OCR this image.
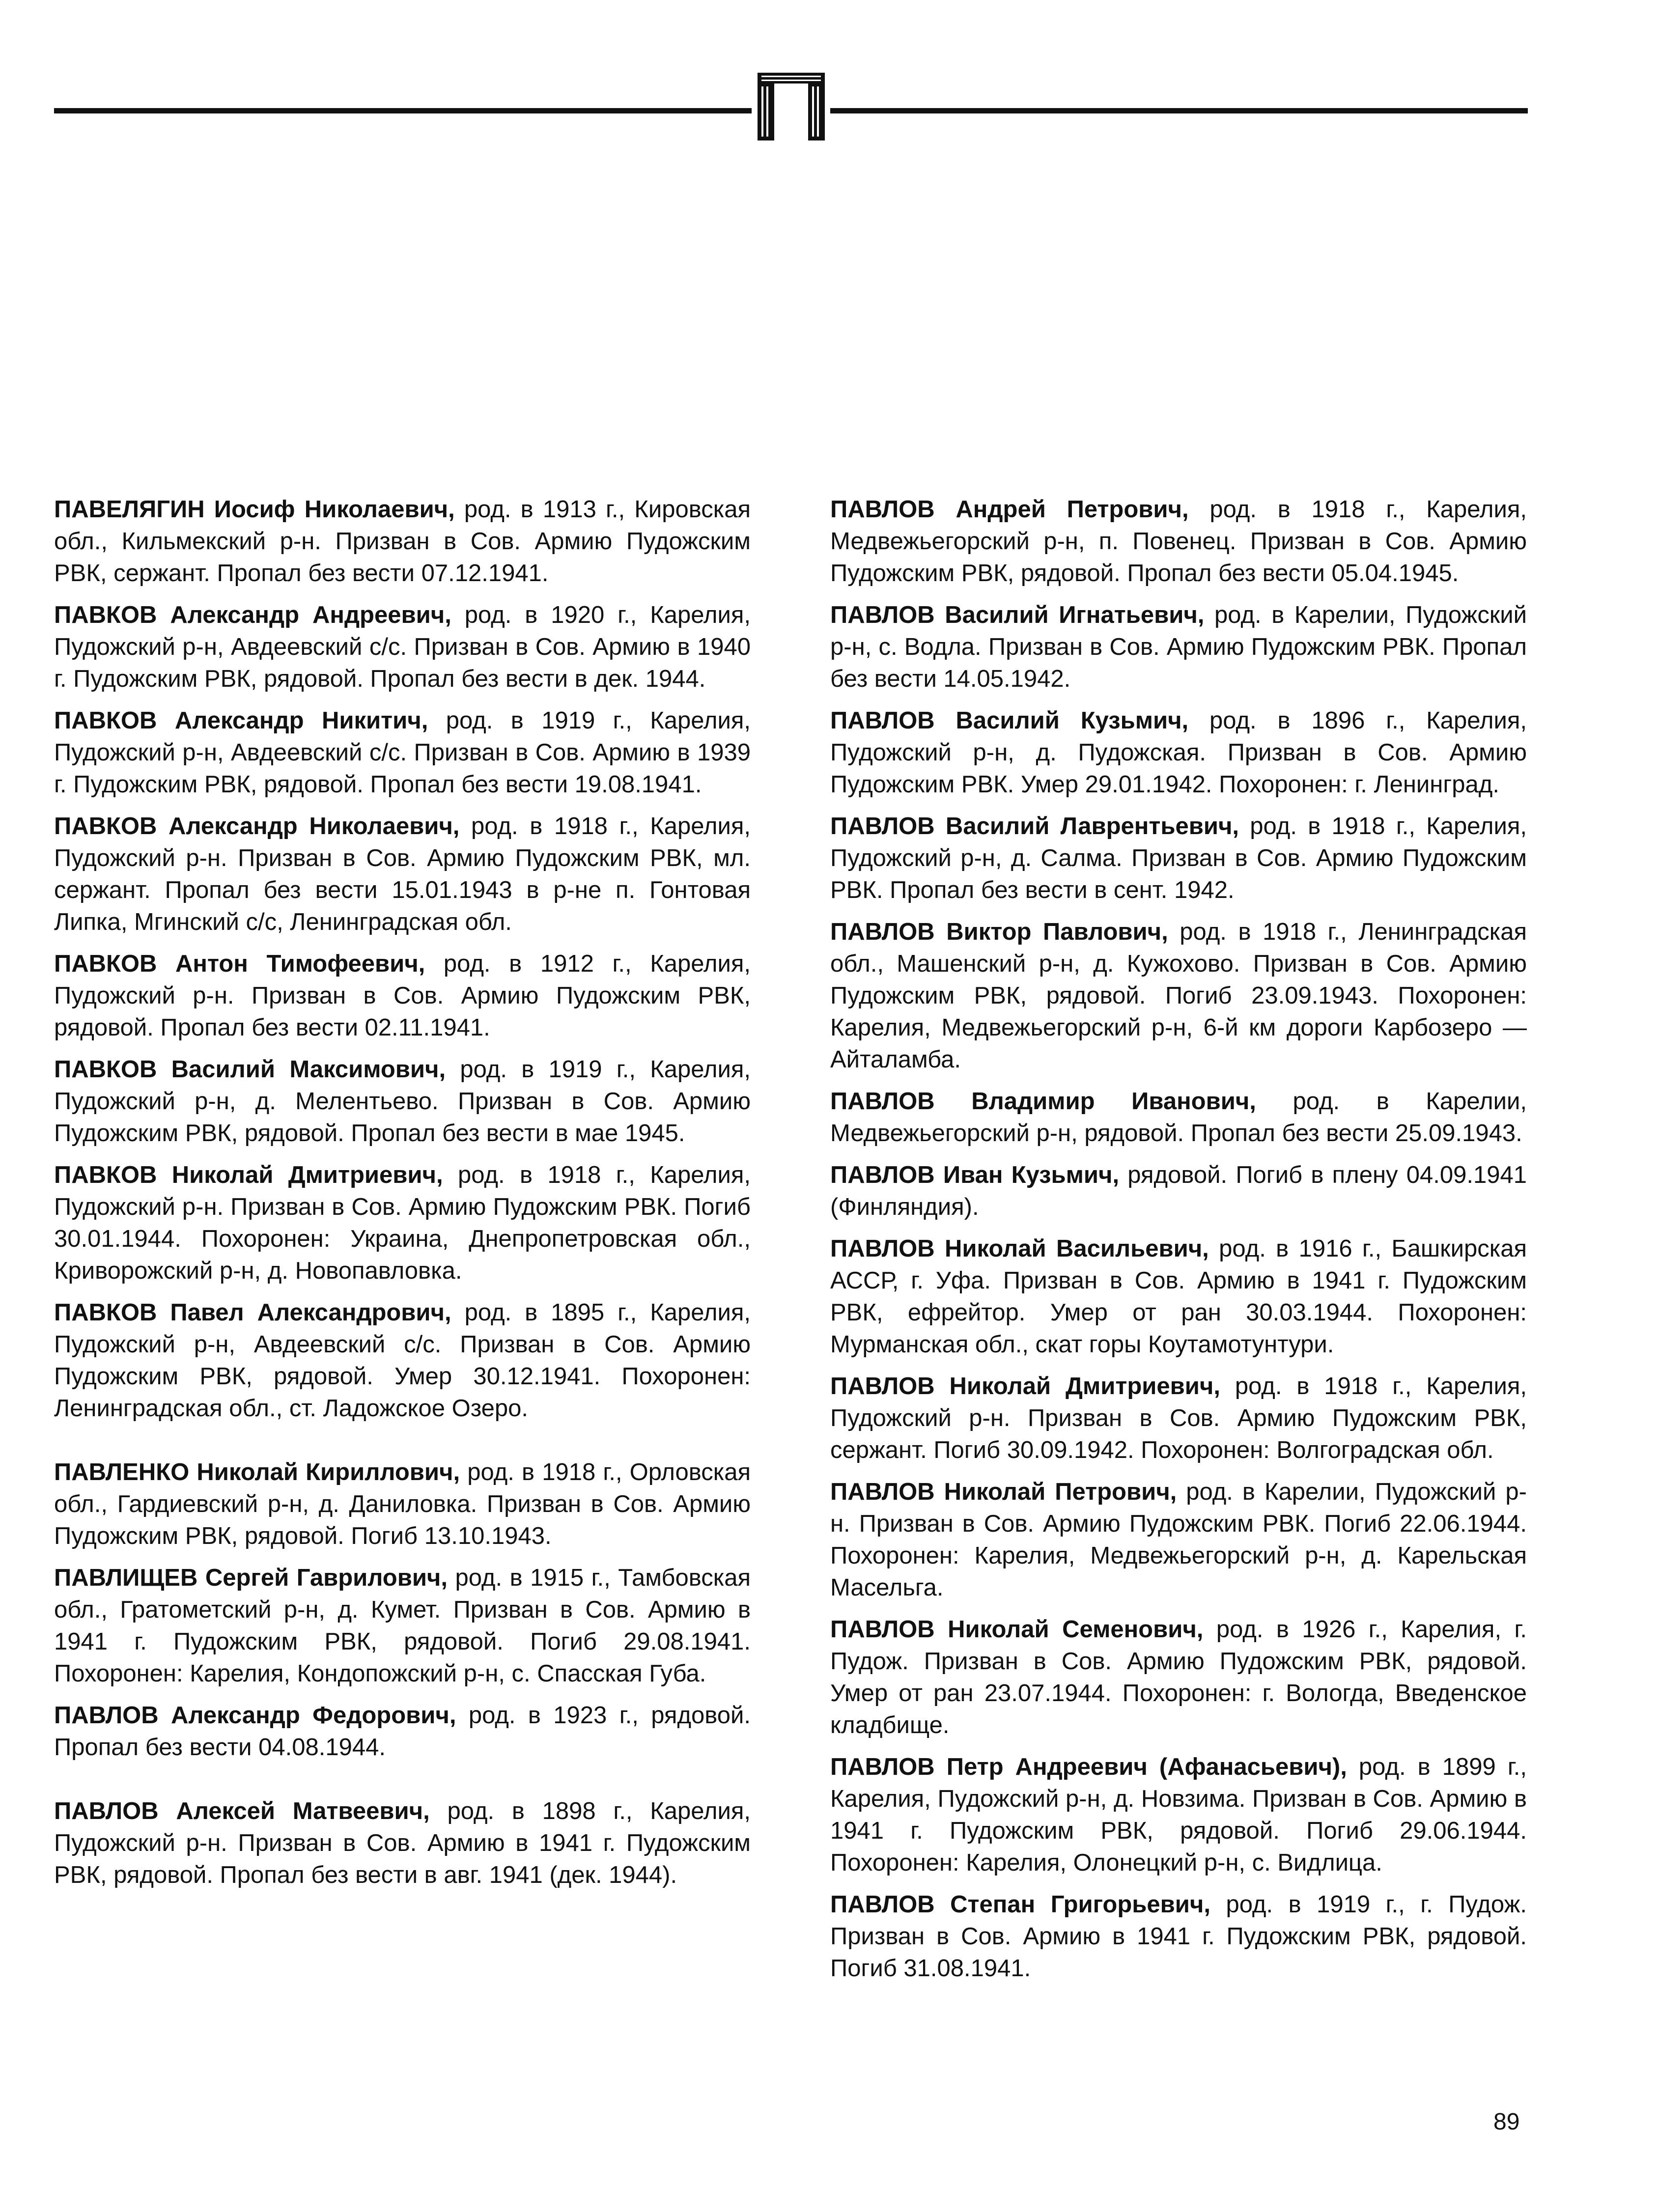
ПАВЕЛЯГИН Иосиф Николаевич, род. в 1913 г., Кировская обл., Кильмекский р-н. Призван в Сов. Армию Пудожским РВК, сержант. Пропал без вести 07.12.1941.

ПАВКОВ Александр Андреевич, род. в 1920 г., Карелия, Пудожский р-н, Авдеевский с/с. Призван в Сов. Армию в 1940 г. Пудожским РВК, рядовой. Пропал без вести в дек. 1944.

ПАВКОВ Александр Никитич, род. в 1919 г., Карелия, Пудожский р-н, Авдеевский с/с. Призван в Сов. Армию в 1939 г. Пудожским РВК, рядовой. Пропал без вести 19.08.1941.

ПАВКОВ Александр Николаевич, род. в 1918 г., Карелия, Пудожский р-н. Призван в Сов. Армию Пудожским РВК, мл. сержант. Пропал без вести 15.01.1943 в р-не п. Гонтовая Липка, Мгинский с/с, Ленинградская обл.

ПАВКОВ Антон Тимофеевич, род. в 1912 г., Карелия, Пудожский р-н. Призван в Сов. Армию Пудожским РВК, рядовой. Пропал без вести 02.11.1941.

ПАВКОВ Василий Максимович, род. в 1919 г., Карелия, Пудожский р-н, д. Мелентьево. Призван в Сов. Армию Пудожским РВК, рядовой. Пропал без вести в мае 1945.

ПАВКОВ Николай Дмитриевич, род. в 1918 г., Карелия, Пудожский р-н. Призван в Сов. Армию Пудожским РВК. Погиб 30.01.1944. Похоронен: Украина, Днепропетровская обл., Криворожский р-н, д. Новопавловка.

ПАВКОВ Павел Александрович, род. в 1895 г., Карелия, Пудожский р-н, Авдеевский с/с. Призван в Сов. Армию Пудожским РВК, рядовой. Умер 30.12.1941. Похоронен: Ленинградская обл., ст. Ладожское Озеро.

ПАВЛЕНКО Николай Кириллович, род. в 1918 г., Орловская обл., Гардиевский р-н, д. Даниловка. Призван в Сов. Армию Пудожским РВК, рядовой. Погиб 13.10.1943.

ПАВЛИЩЕВ Сергей Гаврилович, род. в 1915 г., Тамбовская обл., Гратометский р-н, д. Кумет. Призван в Сов. Армию в 1941 г. Пудожским РВК, рядовой. Погиб 29.08.1941. Похоронен: Карелия, Кондопожский р-н, с. Спасская Губа.

ПАВЛОВ Александр Федорович, род. в 1923 г., рядовой. Пропал без вести 04.08.1944.

ПАВЛОВ Алексей Матвеевич, род. в 1898 г., Карелия, Пудожский р-н. Призван в Сов. Армию в 1941 г. Пудожским РВК, рядовой. Пропал без вести в авг. 1941 (дек. 1944).

ПАВЛОВ Андрей Петрович, род. в 1918 г., Карелия, Медвежьегорский р-н, п. Повенец. Призван в Сов. Армию Пудожским РВК, рядовой. Пропал без вести 05.04.1945.

ПАВЛОВ Василий Игнатьевич, род. в Карелии, Пудожский р-н, с. Водла. Призван в Сов. Армию Пудожским РВК. Пропал без вести 14.05.1942.

ПАВЛОВ Василий Кузьмич, род. в 1896 г., Карелия, Пудожский р-н, д. Пудожская. Призван в Сов. Армию Пудожским РВК. Умер 29.01.1942. Похоронен: г. Ленинград.

ПАВЛОВ Василий Лаврентьевич, род. в 1918 г., Карелия, Пудожский р-н, д. Салма. Призван в Сов. Армию Пудожским РВК. Пропал без вести в сент. 1942.

ПАВЛОВ Виктор Павлович, род. в 1918 г., Ленинградская обл., Машенский р-н, д. Кужохово. Призван в Сов. Армию Пудожским РВК, рядовой. Погиб 23.09.1943. Похоронен: Карелия, Медвежьегорский р-н, 6-й км дороги Карбозеро — Айталамба.

ПАВЛОВ Владимир Иванович, род. в Карелии, Медвежьегорский р-н, рядовой. Пропал без вести 25.09.1943.

ПАВЛОВ Иван Кузьмич, рядовой. Погиб в плену 04.09.1941 (Финляндия).

ПАВЛОВ Николай Васильевич, род. в 1916 г., Башкирская АССР, г. Уфа. Призван в Сов. Армию в 1941 г. Пудожским РВК, ефрейтор. Умер от ран 30.03.1944. Похоронен: Мурманская обл., скат горы Коутамотунтури.

ПАВЛОВ Николай Дмитриевич, род. в 1918 г., Карелия, Пудожский р-н. Призван в Сов. Армию Пудожским РВК, сержант. Погиб 30.09.1942. Похоронен: Волгоградская обл.

ПАВЛОВ Николай Петрович, род. в Карелии, Пудожский р-н. Призван в Сов. Армию Пудожским РВК. Погиб 22.06.1944. Похоронен: Карелия, Медвежьегорский р-н, д. Карельская Масельга.

ПАВЛОВ Николай Семенович, род. в 1926 г., Карелия, г. Пудож. Призван в Сов. Армию Пудожским РВК, рядовой. Умер от ран 23.07.1944. Похоронен: г. Вологда, Введенское кладбище.

ПАВЛОВ Петр Андреевич (Афанасьевич), род. в 1899 г., Карелия, Пудожский р-н, д. Новзима. Призван в Сов. Армию в 1941 г. Пудожским РВК, рядовой. Погиб 29.06.1944. Похоронен: Карелия, Олонецкий р-н, с. Видлица.

ПАВЛОВ Степан Григорьевич, род. в 1919 г., г. Пудож. Призван в Сов. Армию в 1941 г. Пудожским РВК, рядовой. Погиб 31.08.1941.

89
